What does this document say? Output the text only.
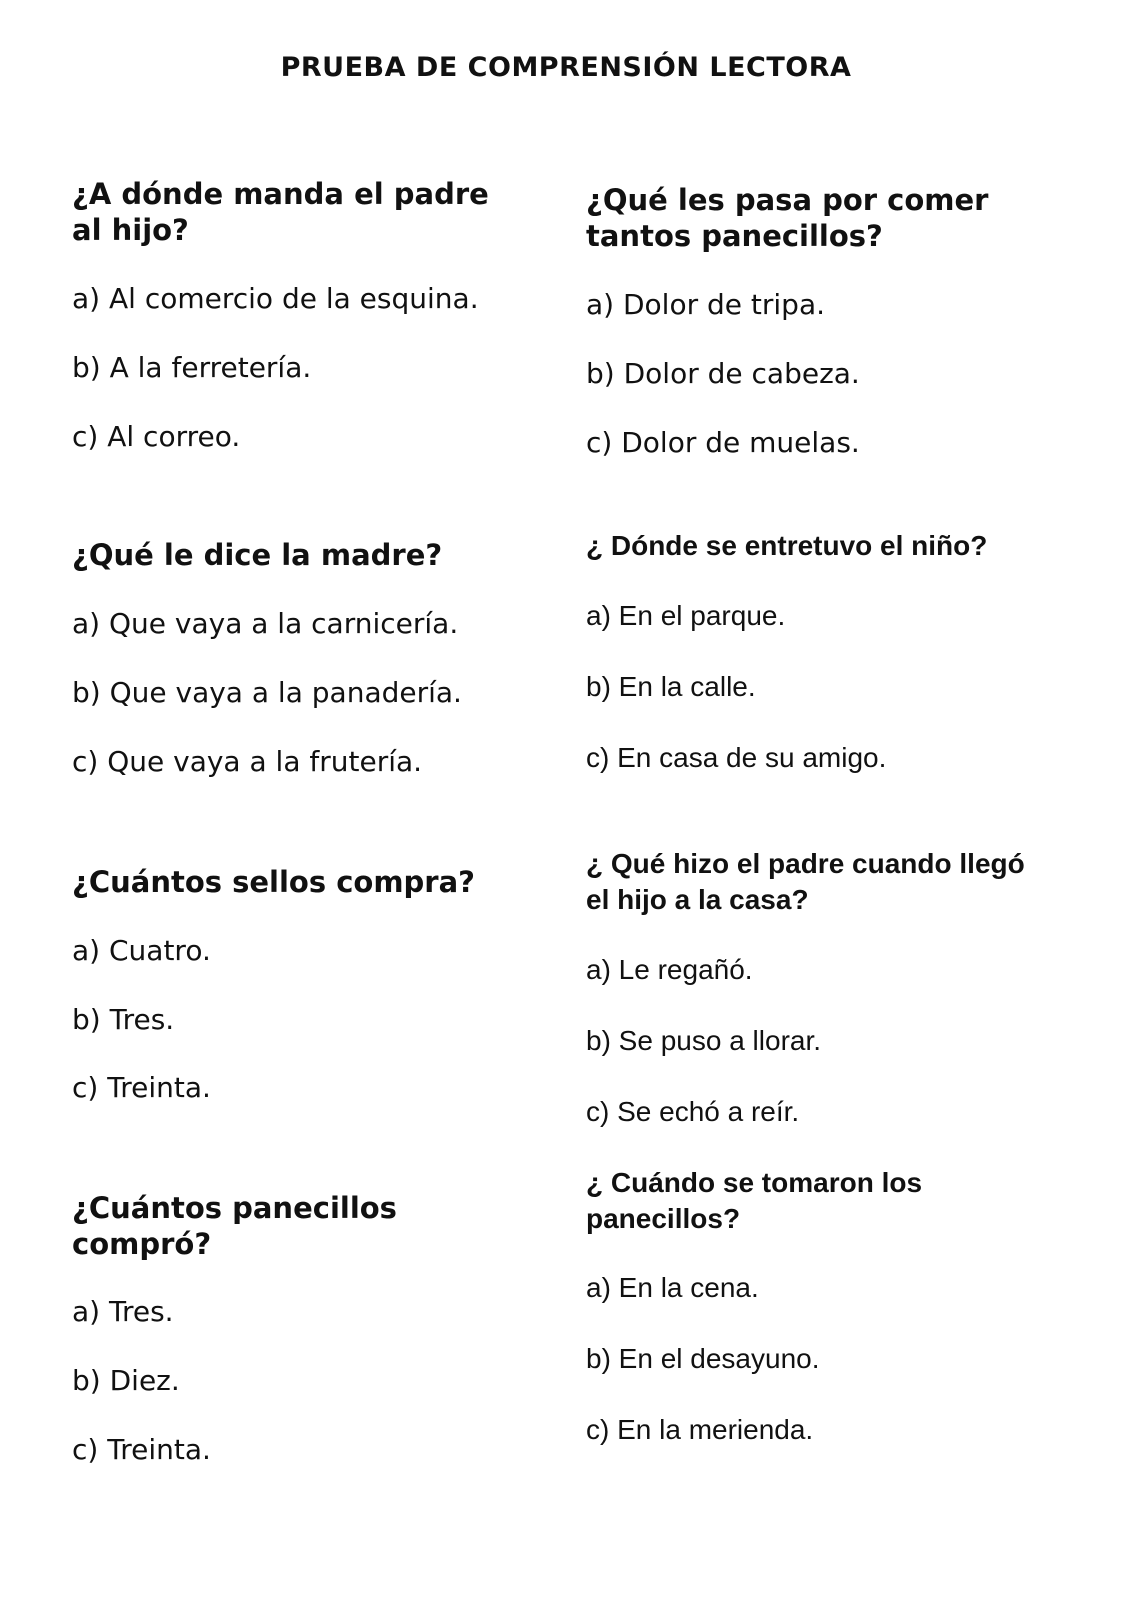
PRUEBA DE COMPRENSIÓN LECTORA

¿A dónde manda el padre
al hijo?

a) Al comercio de la esquina.
b) A la ferretería.
c) Al correo.

¿Qué le dice la madre?

a) Que vaya a la carnicería.
b) Que vaya a la panadería.
c) Que vaya a la frutería.

¿Cuántos sellos compra?

a) Cuatro.
b) Tres.
c) Treinta.

¿Cuántos panecillos
compró?

a) Tres.
b) Diez.
c) Treinta.

¿Qué les pasa por comer
tantos panecillos?

a) Dolor de tripa.
b) Dolor de cabeza.
c) Dolor de muelas.

¿ Dónde se entretuvo el niño?

a) En el parque.
b) En la calle.
c) En casa de su amigo.

¿ Qué hizo el padre cuando llegó
el hijo a la casa?

a) Le regañó.
b) Se puso a llorar.
c) Se echó a reír.

¿ Cuándo se tomaron los
panecillos?

a) En la cena.
b) En el desayuno.
c) En la merienda.
